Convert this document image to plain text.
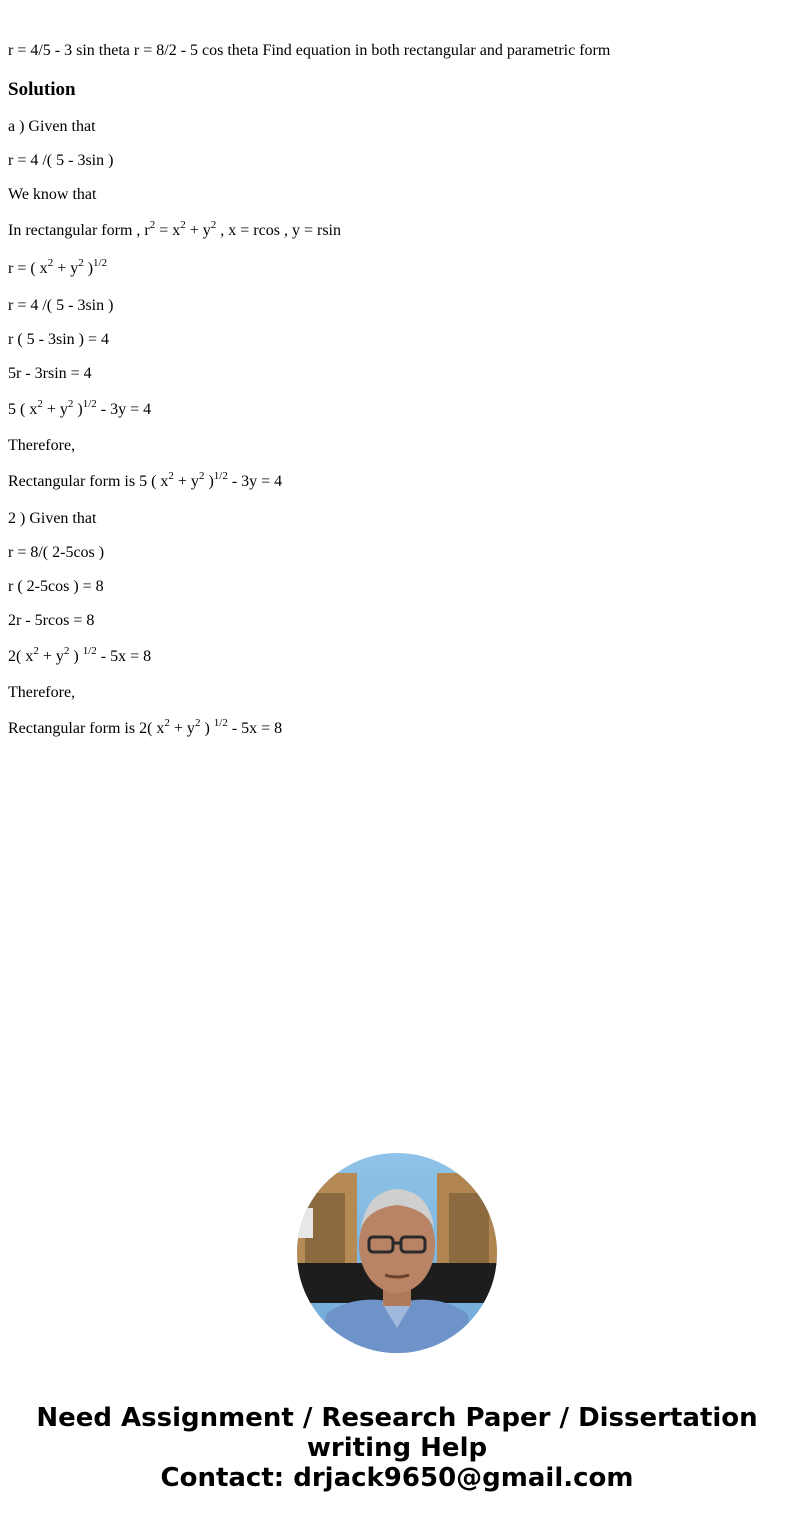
r = 4/5 - 3 sin theta r = 8/2 - 5 cos theta Find equation in both rectangular and parametric form
Solution
a ) Given that
r = 4 /( 5 - 3sin )
We know that
In rectangular form , $r^2 = x^2 + y^2$ , x = rcos , y = rsin
r = ( $x^2 + y^2$ )$^{1/2}$
r = 4 /( 5 - 3sin )
r ( 5 - 3sin ) = 4
5r - 3rsin = 4
5 ( $x^2 + y^2$ )$^{1/2}$ - 3y = 4
Therefore,
Rectangular form is 5 ( $x^2 + y^2$ )$^{1/2}$ - 3y = 4
2 ) Given that
r = 8/( 2-5cos )
r ( 2-5cos ) = 8
2r - 5rcos = 8
2( $x^2 + y^2$ ) $^{1/2}$ - 5x = 8
Therefore,
Rectangular form is 2( $x^2 + y^2$ ) $^{1/2}$ - 5x = 8
Need Assignment / Research Paper / Dissertation
writing Help
Contact: drjack9650@gmail.com
